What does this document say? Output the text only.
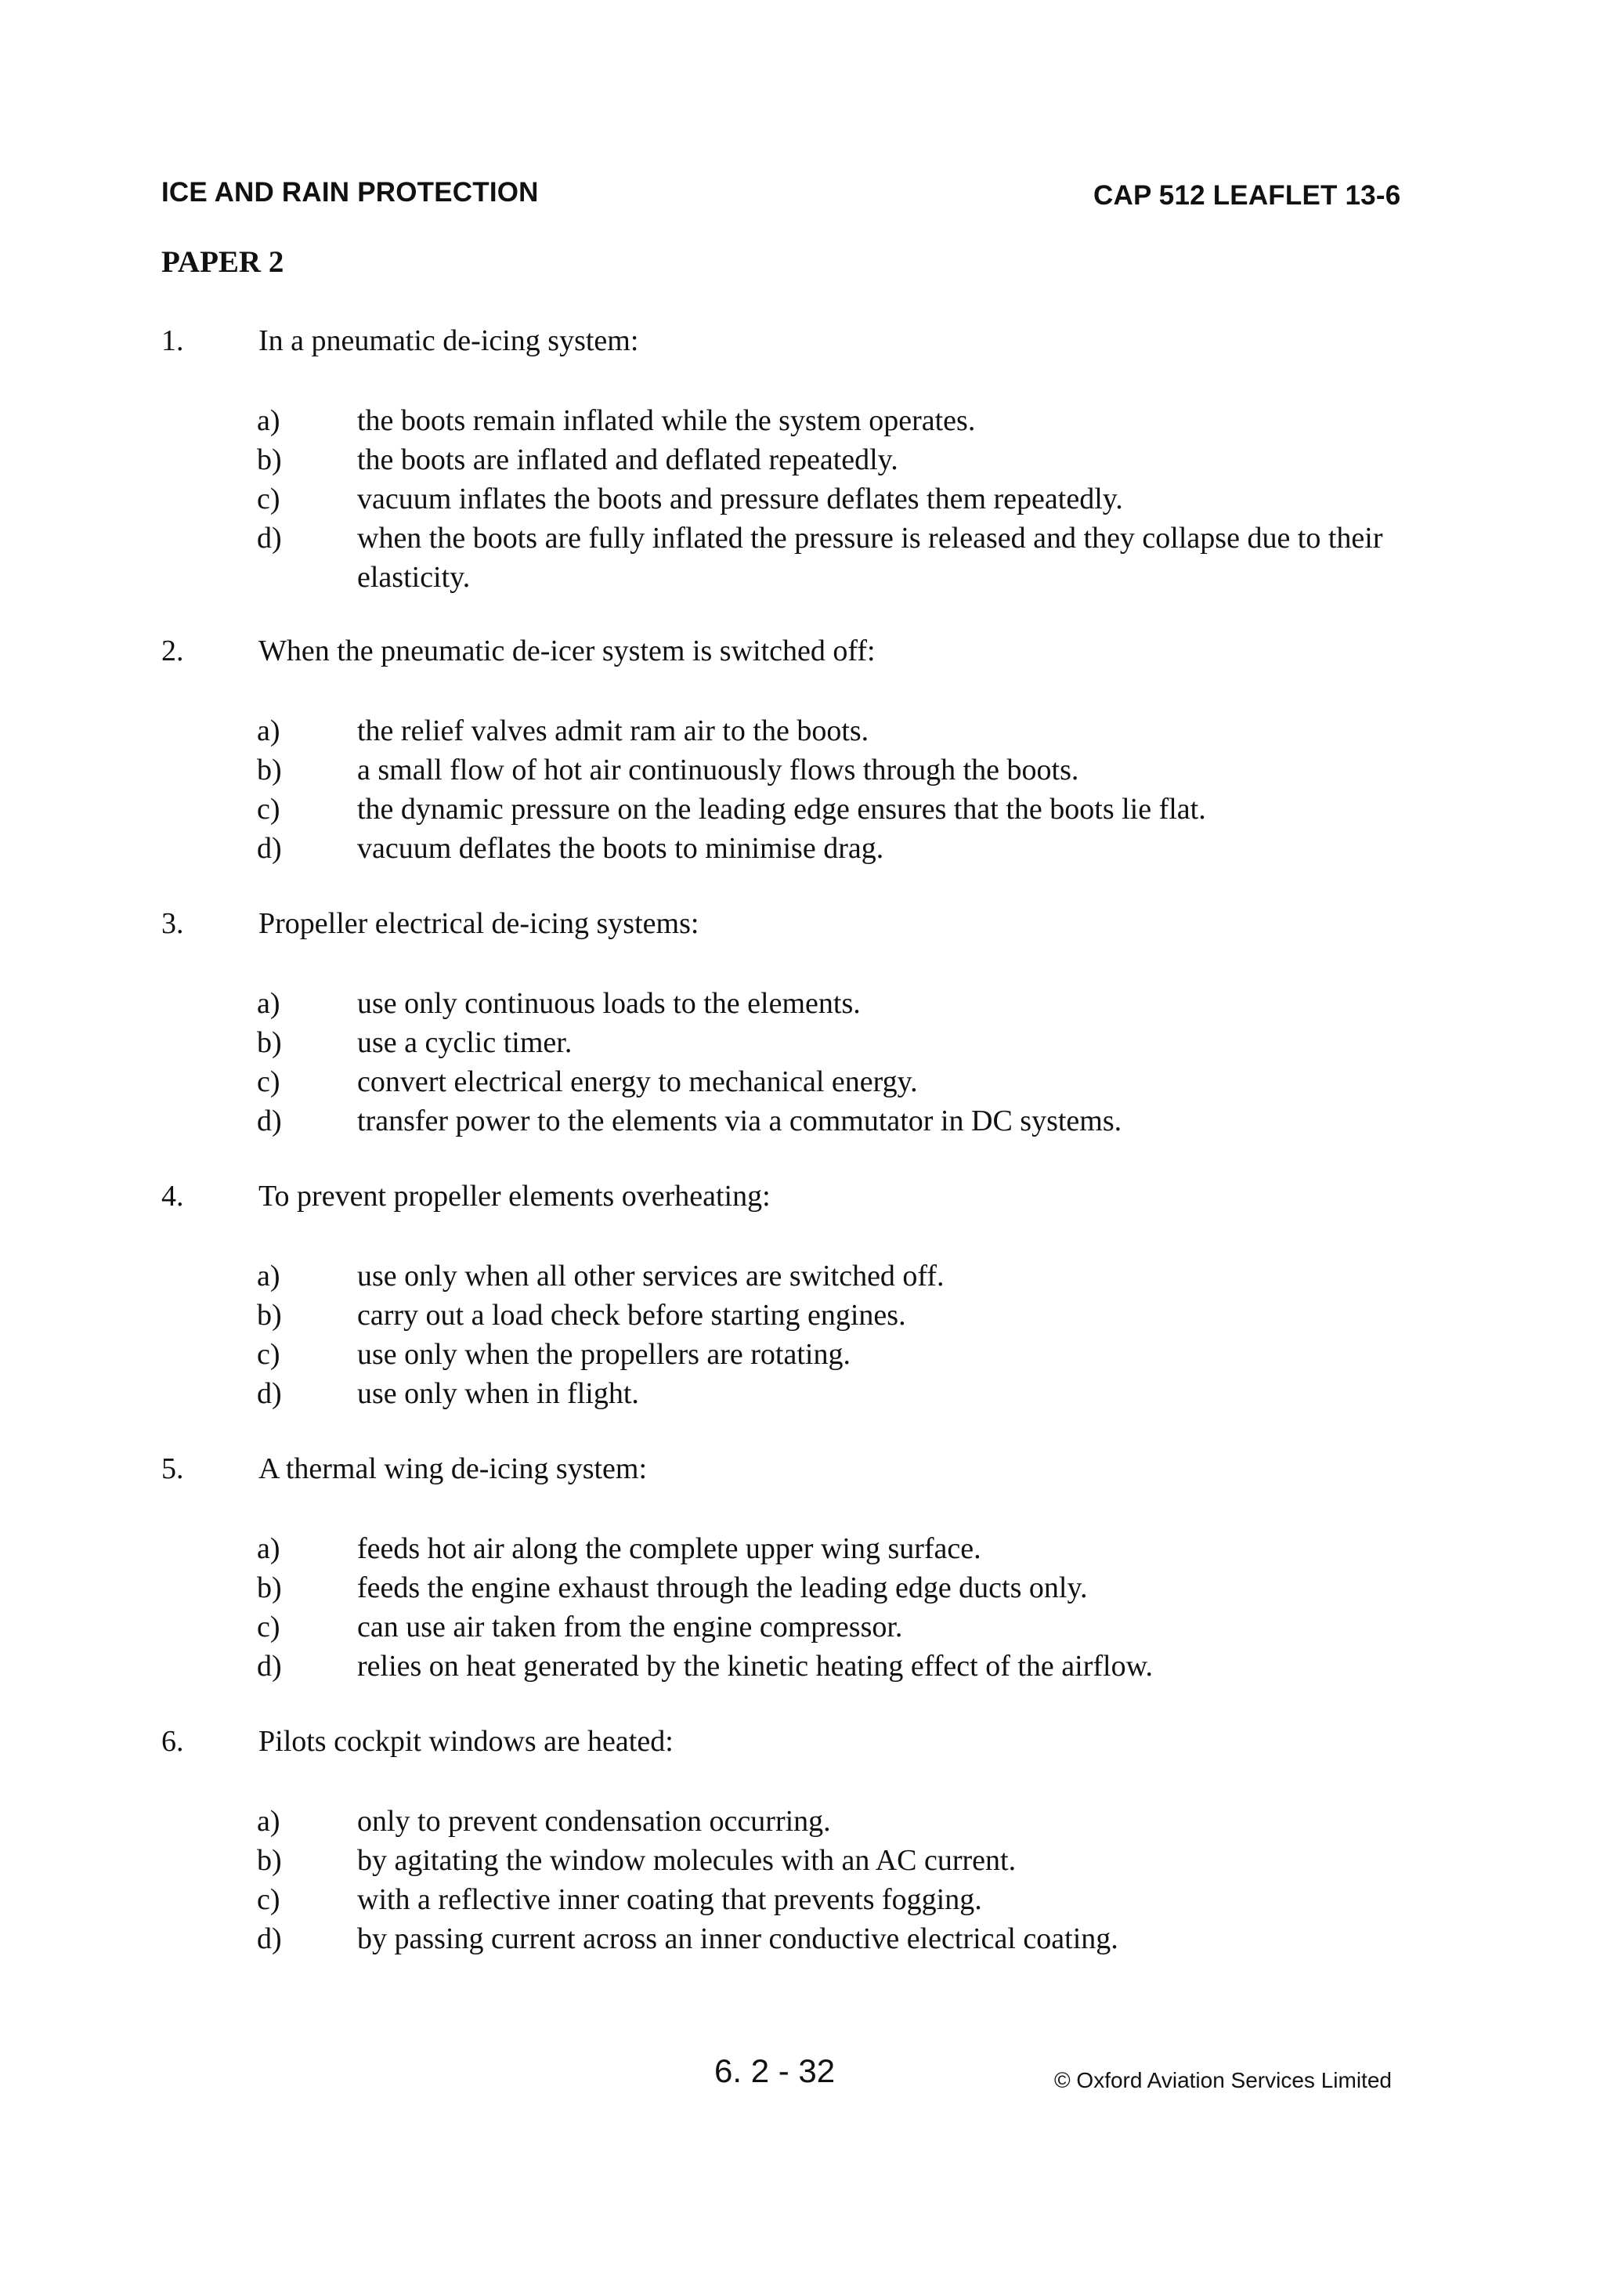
ICE AND RAIN PROTECTION	CAP 512 LEAFLET 13-6
PAPER 2
1.	In a pneumatic de-icing system:
a)	the boots remain inflated while the system operates.
b)	the boots are inflated and deflated repeatedly.
c)	vacuum inflates the boots and pressure deflates them repeatedly.
d)	when the boots are fully inflated the pressure is released and they collapse due to their elasticity.
2.	When the pneumatic de-icer system is switched off:
a)	the relief valves admit ram air to the boots.
b)	a small flow of hot air continuously flows through the boots.
c)	the dynamic pressure on the leading edge ensures that the boots lie flat.
d)	vacuum deflates the boots to minimise drag.
3.	Propeller electrical de-icing systems:
a)	use only continuous loads to the elements.
b)	use a cyclic timer.
c)	convert electrical energy to mechanical energy.
d)	transfer power to the elements via a commutator in DC systems.
4.	To prevent propeller elements overheating:
a)	use only when all other services are switched off.
b)	carry out a load check before starting engines.
c)	use only when the propellers are rotating.
d)	use only when in flight.
5.	A thermal wing de-icing system:
a)	feeds hot air along the complete upper wing surface.
b)	feeds the engine exhaust through the leading edge ducts only.
c)	can use air taken from the engine compressor.
d)	relies on heat generated by the kinetic heating effect of the airflow.
6.	Pilots cockpit windows are heated:
a)	only to prevent condensation occurring.
b)	by agitating the window molecules with an AC current.
c)	with a reflective inner coating that prevents fogging.
d)	by passing current across an inner conductive electrical coating.
6. 2 - 32	© Oxford Aviation Services Limited
